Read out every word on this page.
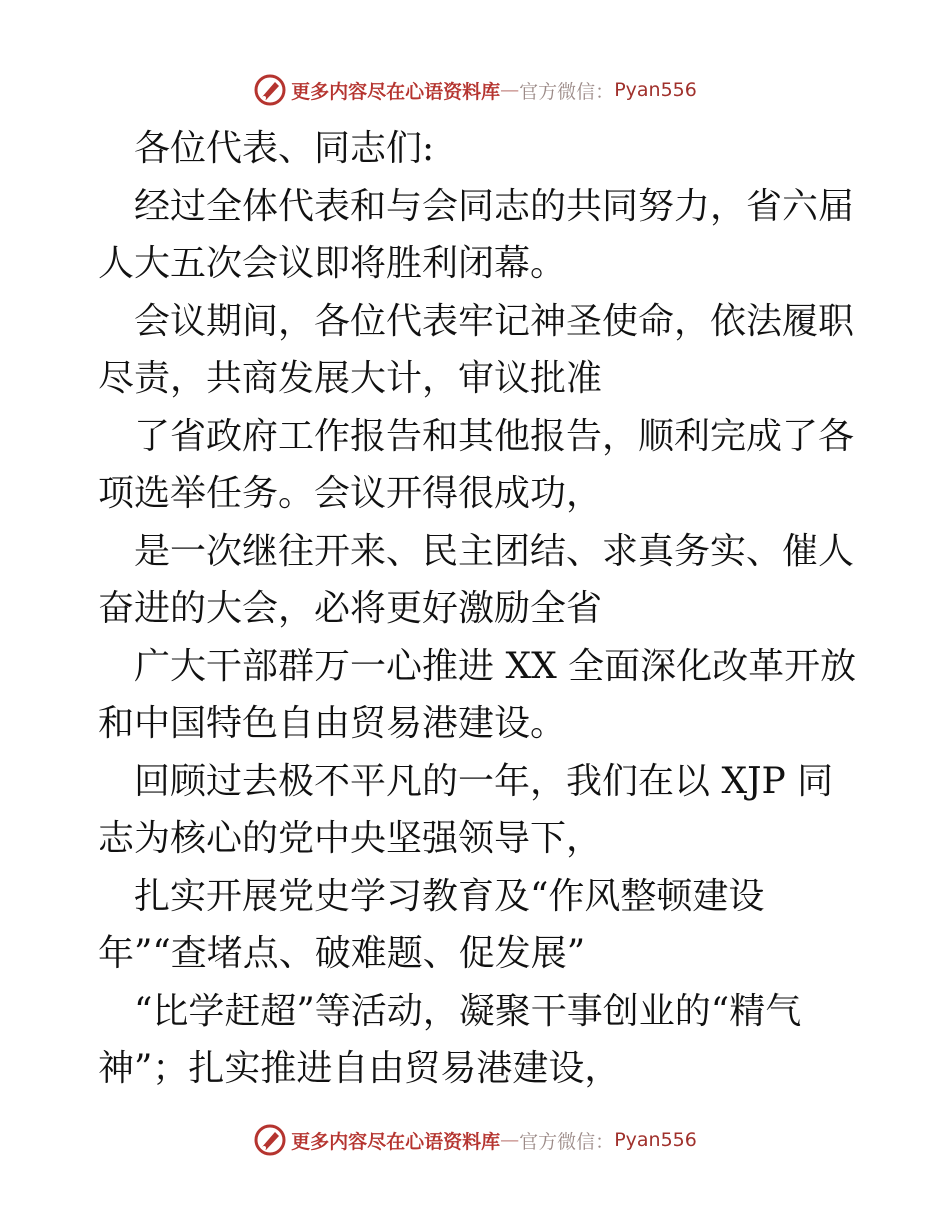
更多内容尽在心语资料库 — 官方微信： Pyan556

各位代表、同志们:

经过全体代表和与会同志的共同努力，省六届人大五次会议即将胜利闭幕。

会议期间，各位代表牢记神圣使命，依法履职尽责，共商发展大计，审议批准

了省政府工作报告和其他报告，顺利完成了各项选举任务。会议开得很成功，

是一次继往开来、民主团结、求真务实、催人奋进的大会，必将更好激励全省

广大干部群万一心推进 XX 全面深化改革开放和中国特色自由贸易港建设。

回顾过去极不平凡的一年，我们在以 XJP 同志为核心的党中央坚强领导下，

扎实开展党史学习教育及“作风整顿建设年”“查堵点、破难题、促发展”

“比学赶超”等活动，凝聚干事创业的“精气神”；扎实推进自由贸易港建设，

更多内容尽在心语资料库 — 官方微信： Pyan556
